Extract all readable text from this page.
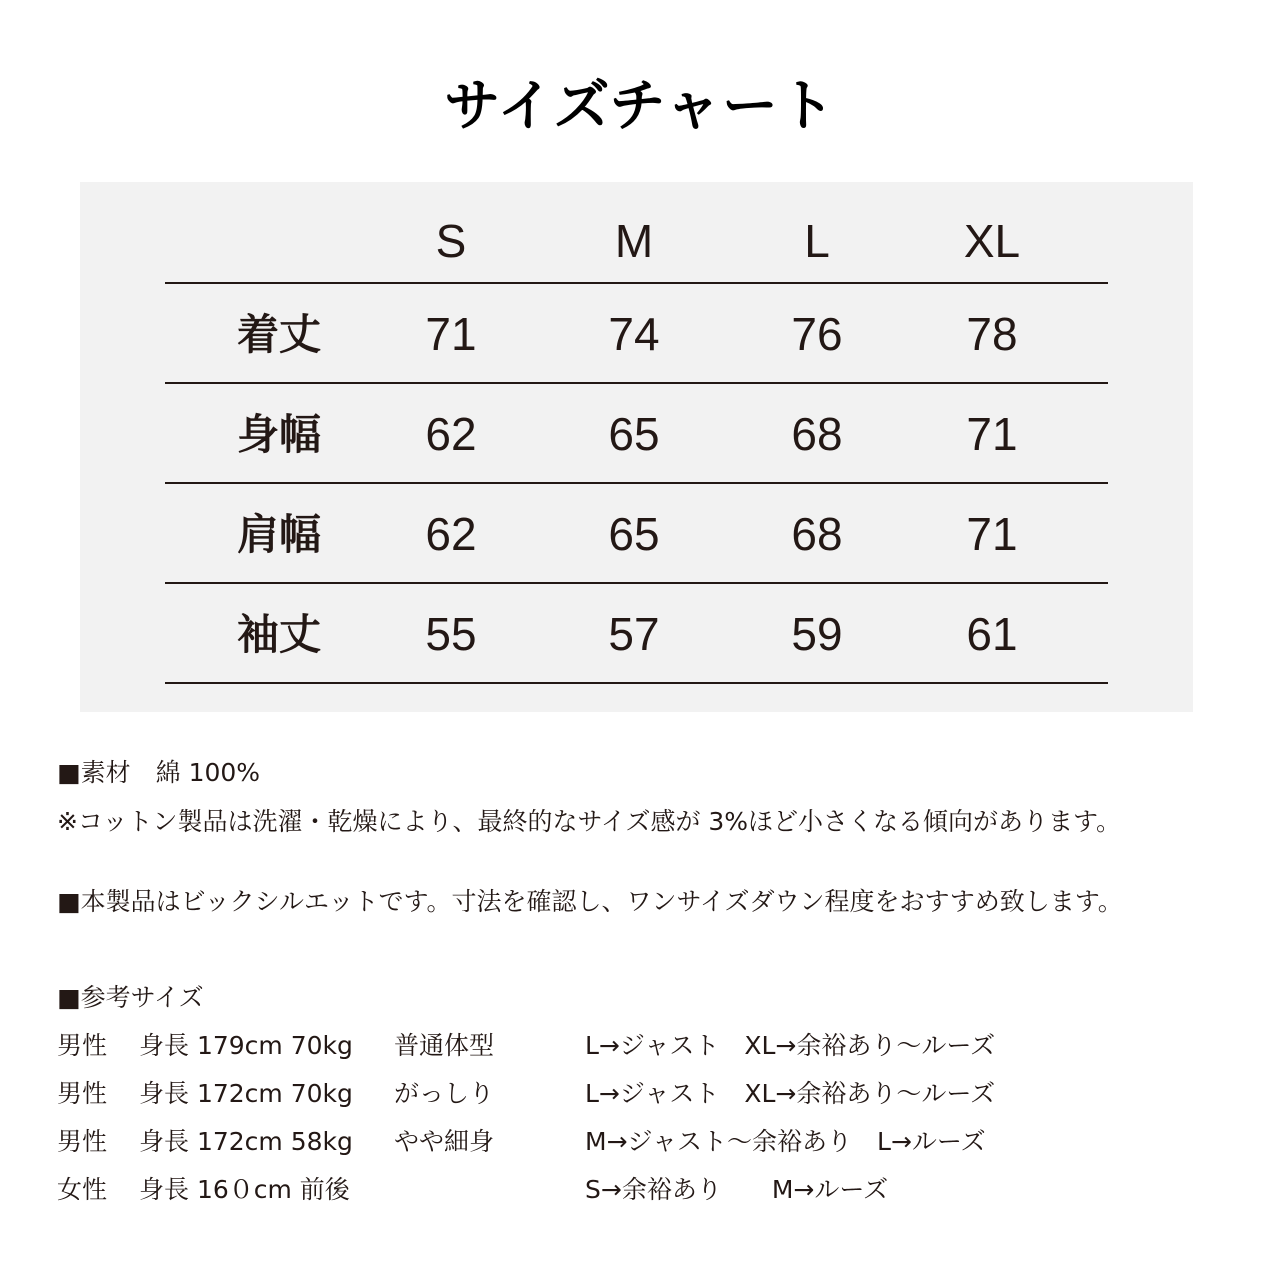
サイズチャート
S	M	L	XL
着丈 71	74	76	78
身幅 62	65	68	71
肩幅 62	65	68	71
袖丈 55	57	59	61
■素材　綿 100%
※コットン製品は洗濯・乾燥により、最終的なサイズ感が 3%ほど小さくなる傾向があります。
■本製品はビックシルエットです。寸法を確認し、ワンサイズダウン程度をおすすめ致します。
■参考サイズ
男性 身長 179cm 70kg 普通体型	L→ジャスト　XL→余裕あり～ルーズ
男性 身長 172cm 70kg がっしり	L→ジャスト　XL→余裕あり～ルーズ
男性 身長 172cm 58kg やや細身	M→ジャスト～余裕あり　L→ルーズ
女性 身長 16０cm 前後	S→余裕あり　　M→ルーズ
